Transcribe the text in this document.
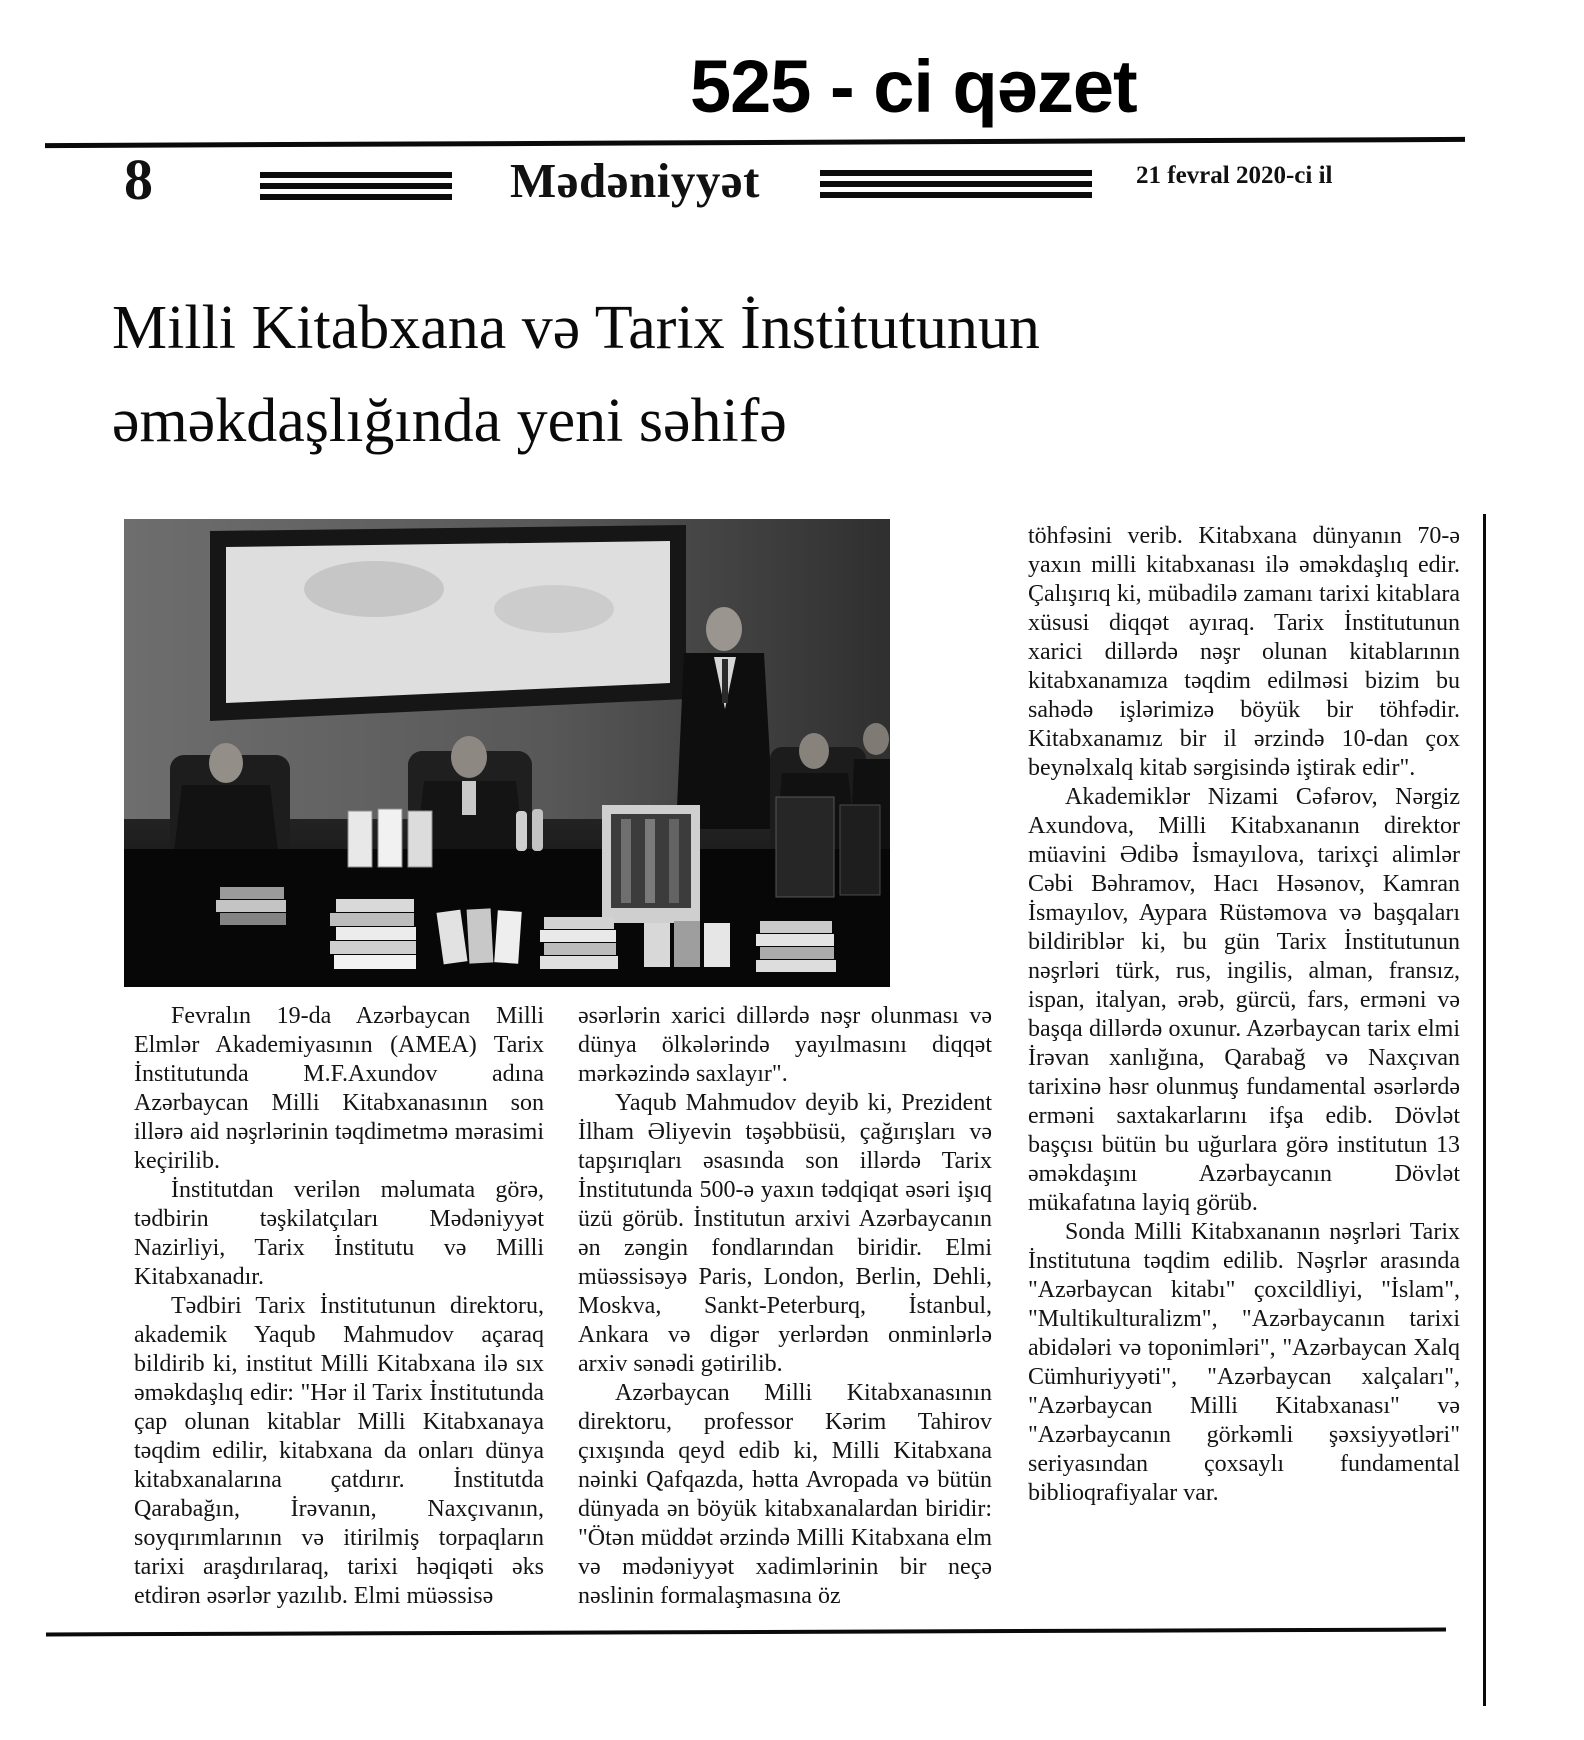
525 - ci qəzet
8	Mədəniyyət	21 fevral 2020-ci il
Milli Kitabxana və Tarix İnstitutunun
əməkdaşlığında yeni səhifə

Fevralın 19-da Azərbaycan Milli Elmlər Akademiyasının (AMEA) Tarix İnstitutunda M.F.Axundov adına Azərbaycan Milli Kitabxanasının son illərə aid nəşrlərinin təqdimetmə mərasimi keçirilib.

İnstitutdan verilən məlumata görə, tədbirin təşkilatçıları Mədəniyyət Nazirliyi, Tarix İnstitutu və Milli Kitabxanadır.

Tədbiri Tarix İnstitutunun direktoru, akademik Yaqub Mahmudov açaraq bildirib ki, institut Milli Kitabxana ilə sıx əməkdaşlıq edir: "Hər il Tarix İnstitutunda çap olunan kitablar Milli Kitabxanaya təqdim edilir, kitabxana da onları dünya kitabxanalarına çatdırır. İnstitutda Qarabağın, İrəvanın, Naxçıvanın, soyqırımlarının və itirilmiş torpaqların tarixi araşdırılaraq, tarixi həqiqəti əks etdirən əsərlər yazılıb. Elmi müəssisə

əsərlərin xarici dillərdə nəşr olunması və dünya ölkələrində yayılmasını diqqət mərkəzində saxlayır".

Yaqub Mahmudov deyib ki, Prezident İlham Əliyevin təşəbbüsü, çağırışları və tapşırıqları əsasında son illərdə Tarix İnstitutunda 500-ə yaxın tədqiqat əsəri işıq üzü görüb. İnstitutun arxivi Azərbaycanın ən zəngin fondlarından biridir. Elmi müəssisəyə Paris, London, Berlin, Dehli, Moskva, Sankt-Peterburq, İstanbul, Ankara və digər yerlərdən onminlərlə arxiv sənədi gətirilib.

Azərbaycan Milli Kitabxanasının direktoru, professor Kərim Tahirov çıxışında qeyd edib ki, Milli Kitabxana nəinki Qafqazda, hətta Avropada və bütün dünyada ən böyük kitabxanalardan biridir: "Ötən müddət ərzində Milli Kitabxana elm və mədəniyyət xadimlərinin bir neçə nəslinin formalaşmasına öz

töhfəsini verib. Kitabxana dünyanın 70-ə yaxın milli kitabxanası ilə əməkdaşlıq edir. Çalışırıq ki, mübadilə zamanı tarixi kitablara xüsusi diqqət ayıraq. Tarix İnstitutunun xarici dillərdə nəşr olunan kitablarının kitabxanamıza təqdim edilməsi bizim bu sahədə işlərimizə böyük bir töhfədir. Kitabxanamız bir il ərzində 10-dan çox beynəlxalq kitab sərgisində iştirak edir".

Akademiklər Nizami Cəfərov, Nərgiz Axundova, Milli Kitabxananın direktor müavini Ədibə İsmayılova, tarixçi alimlər Cəbi Bəhramov, Hacı Həsənov, Kamran İsmayılov, Aypara Rüstəmova və başqaları bildiriblər ki, bu gün Tarix İnstitutunun nəşrləri türk, rus, ingilis, alman, fransız, ispan, italyan, ərəb, gürcü, fars, erməni və başqa dillərdə oxunur. Azərbaycan tarix elmi İrəvan xanlığına, Qarabağ və Naxçıvan tarixinə həsr olunmuş fundamental əsərlərdə erməni saxtakarlarını ifşa edib. Dövlət başçısı bütün bu uğurlara görə institutun 13 əməkdaşını Azərbaycanın Dövlət mükafatına layiq görüb.

Sonda Milli Kitabxananın nəşrləri Tarix İnstitutuna təqdim edilib. Nəşrlər arasında "Azərbaycan kitabı" çoxcildliyi, "İslam", "Multikulturalizm", "Azərbaycanın tarixi abidələri və toponimləri", "Azərbaycan Xalq Cümhuriyyəti", "Azərbaycan xalçaları", "Azərbaycan Milli Kitabxanası" və "Azərbaycanın görkəmli şəxsiyyətləri" seriyasından çoxsaylı fundamental biblioqrafiyalar var.
